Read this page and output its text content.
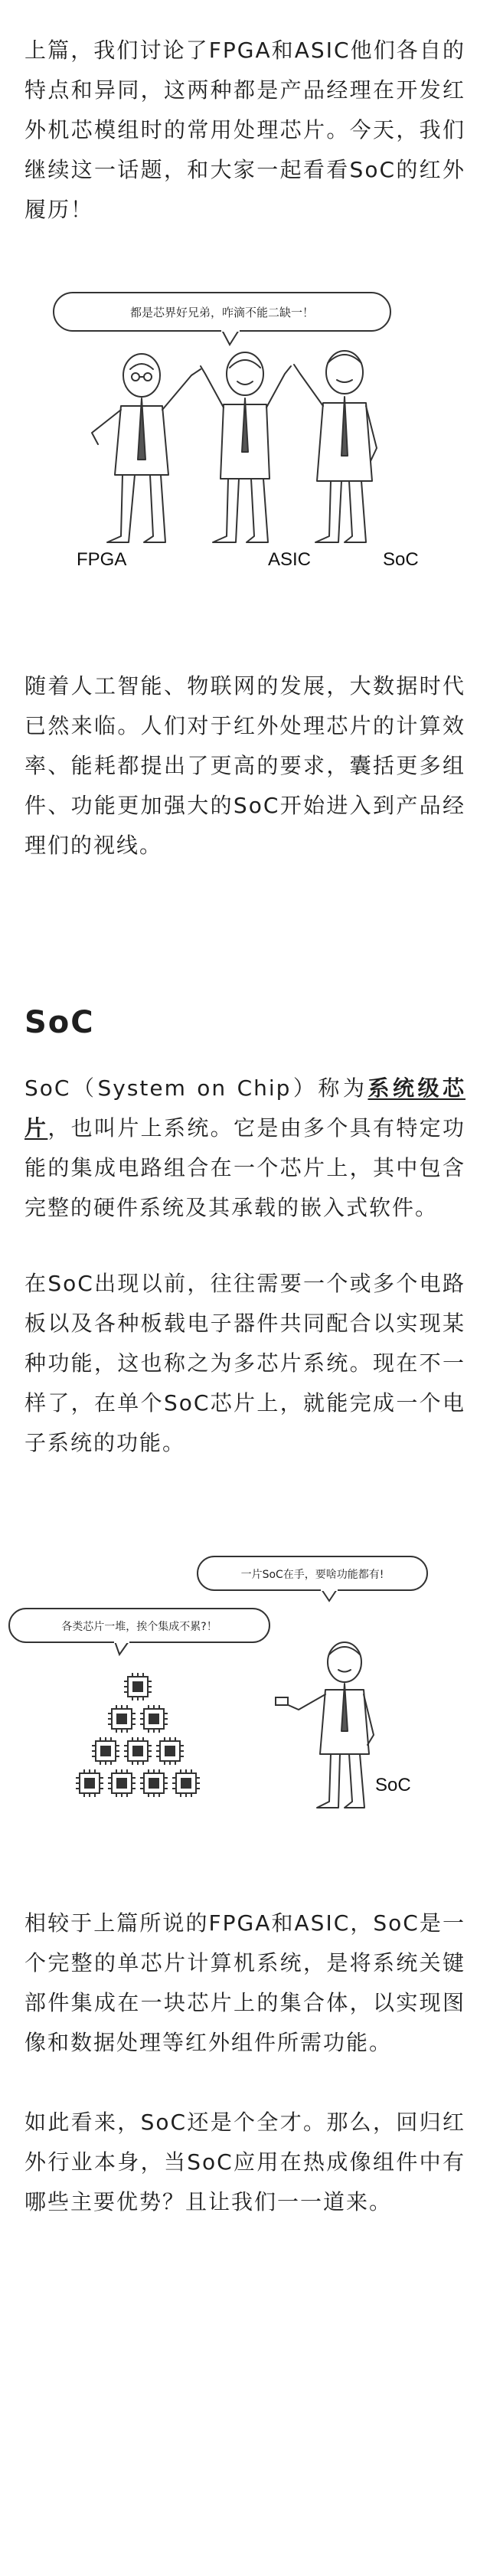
上篇，我们讨论了FPGA和ASIC他们各自的特点和异同，这两种都是产品经理在开发红外机芯模组时的常用处理芯片。今天，我们继续这一话题，和大家一起看看SoC的红外履历！

都是芯界好兄弟，咋滴不能二缺一！
FPGA	ASIC	SoC

随着人工智能、物联网的发展，大数据时代已然来临。人们对于红外处理芯片的计算效率、能耗都提出了更高的要求，囊括更多组件、功能更加强大的SoC开始进入到产品经理们的视线。

SoC

SoC（System on Chip）称为系统级芯片，也叫片上系统。它是由多个具有特定功能的集成电路组合在一个芯片上，其中包含完整的硬件系统及其承载的嵌入式软件。

在SoC出现以前，往往需要一个或多个电路板以及各种板载电子器件共同配合以实现某种功能，这也称之为多芯片系统。现在不一样了，在单个SoC芯片上，就能完成一个电子系统的功能。

一片SoC在手，要啥功能都有!
各类芯片一堆，挨个集成不累?！
SoC

相较于上篇所说的FPGA和ASIC，SoC是一个完整的单芯片计算机系统，是将系统关键部件集成在一块芯片上的集合体，以实现图像和数据处理等红外组件所需功能。

如此看来，SoC还是个全才。那么，回归红外行业本身，当SoC应用在热成像组件中有哪些主要优势？且让我们一一道来。
